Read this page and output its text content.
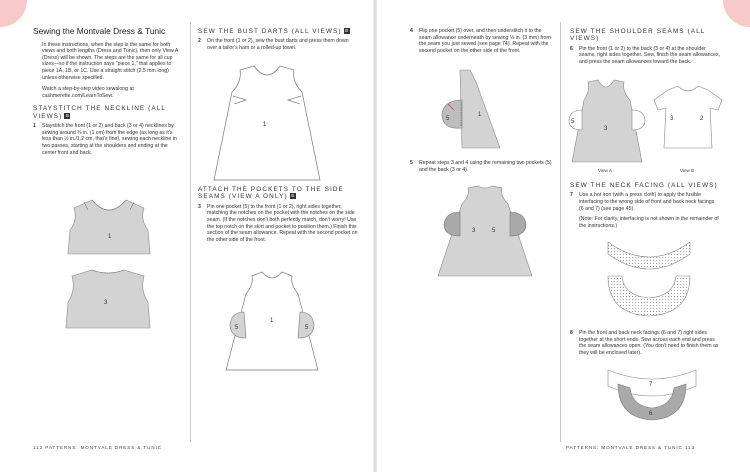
Sewing the Montvale Dress & Tunic

In these instructions, when the step is the same for both views and both lengths (Dress and Tunic), then only View A (Dress) will be shown. The steps are the same for all cup sizes—so if the instruction says "piece 1," that applies to piece 1A, 1B, or 1C. Use a straight stitch (2.5 mm long) unless otherwise specified.

Watch a step-by-step video sewalong at cashmerette.com/LearnToSew.

STAYSTITCH THE NECKLINE (ALL VIEWS) B
1 Staystitch the front (1 or 2) and back (3 or 4) necklines by sewing around ⅜ in. (1 cm) from the edge (as long as it's less than ½ in./1.2 cm, that's fine), sewing each neckline in two passes, starting at the shoulders and ending at the center front and back.
1
3
SEW THE BUST DARTS (ALL VIEWS) B
2 On the front (1 or 2), sew the bust darts and press them down over a tailor's ham or a rolled-up towel.
1
ATTACH THE POCKETS TO THE SIDE SEAMS (VIEW A ONLY) B
3 Pin one pocket (5) to the front (1 or 2), right sides together, matching the notches on the pocket with the notches on the side seam. (If the notches don't both perfectly match, don't worry! Use the top notch on the skirt and pocket to position them.) Finish this section of the seam allowance. Repeat with the second pocket on the other side of the front.
5	5
1
112 PATTERNS: MONTVALE DRESS & TUNIC
4 Flip one pocket (5) over, and then understitch it to the seam allowance underneath by sewing ⅛ in. (3 mm) from the seam you just sewed (see page 74). Repeat with the second pocket on the other side of the front.
5
1
5 Repeat steps 3 and 4 using the remaining two pockets (5) and the back (3 or 4).
3	5
SEW THE SHOULDER SEAMS (ALL VIEWS)
6 Pin the front (1 or 2) to the back (3 or 4) at the shoulder seams, right sides together. Sew, finish the seam allowances, and press the seam allowances toward the back.
5
3
View A
3	2
View B
SEW THE NECK FACING (ALL VIEWS)
7 Use a hot iron (with a press cloth) to apply the fusible interfacing to the wrong side of front and back neck facings (6 and 7) (see page 45).

(Note: For clarity, interfacing is not shown in the remainder of the instructions.)

8 Pin the front and back neck facings (6 and 7) right sides together at the short ends. Sew across each end and press the seam allowances open. (You don't need to finish them as they will be enclosed later).
7
6
PATTERNS: MONTVALE DRESS & TUNIC 113
